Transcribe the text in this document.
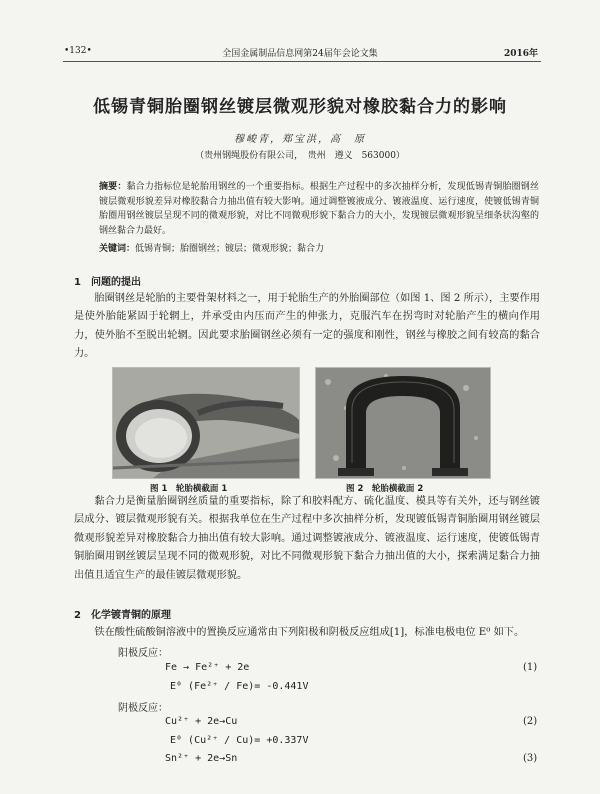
•132•	全国金属制品信息网第24届年会论文集	2016年
低锡青铜胎圈钢丝镀层微观形貌对橡胶黏合力的影响
穆峻青，郑宝洪，高　原
（贵州钢绳股份有限公司，　贵州　遵义　563000）
摘要：黏合力指标位是轮胎用钢丝的一个重要指标。根据生产过程中的多次抽样分析，发现低锡青铜胎圈钢丝镀层微观形貌差异对橡胶黏合力抽出值有较大影响。通过调整镀液成分、镀液温度、运行速度，使镀低锡青铜胎圈用钢丝镀层呈现不同的微观形貌，对比不同微观形貌下黏合力的大小，发现镀层微观形貌呈细条状沟壑的钢丝黏合力最好。
关键词：低锡青铜；胎圈钢丝；镀层；微观形貌；黏合力
1　问题的提出

胎圈钢丝是轮胎的主要骨架材料之一，用于轮胎生产的外胎圈部位（如图 1、图 2 所示），主要作用是使外胎能紧固于轮辋上，并承受由内压而产生的伸张力，克服汽车在拐弯时对轮胎产生的横向作用力，使外胎不至脱出轮辋。因此要求胎圈钢丝必须有一定的强度和刚性，钢丝与橡胶之间有较高的黏合力。

图 1　轮胎横截面 1	图 2　轮胎横截面 2

黏合力是衡量胎圈钢丝质量的重要指标，除了和胶料配方、硫化温度、模具等有关外，还与钢丝镀层成分、镀层微观形貌有关。根据我单位在生产过程中多次抽样分析，发现镀低锡青铜胎圈用钢丝镀层微观形貌差异对橡胶黏合力抽出值有较大影响。通过调整镀液成分、镀液温度、运行速度，使镀低锡青铜胎圈用钢丝镀层呈现不同的微观形貌，对比不同微观形貌下黏合力抽出值的大小，探索满足黏合力抽出值且适宜生产的最佳镀层微观形貌。

2　化学镀青铜的原理

铁在酸性硫酸铜溶液中的置换反应通常由下列阳极和阴极反应组成[1]，标准电极电位 E⁰ 如下。

阳极反应：
Fe → Fe²⁺ + 2e	(1)
E⁰ (Fe²⁺ / Fe)= -0.441V
阴极反应：
Cu²⁺ + 2e→Cu	(2)
E⁰ (Cu²⁺ / Cu)= +0.337V
Sn²⁺ + 2e→Sn	(3)
